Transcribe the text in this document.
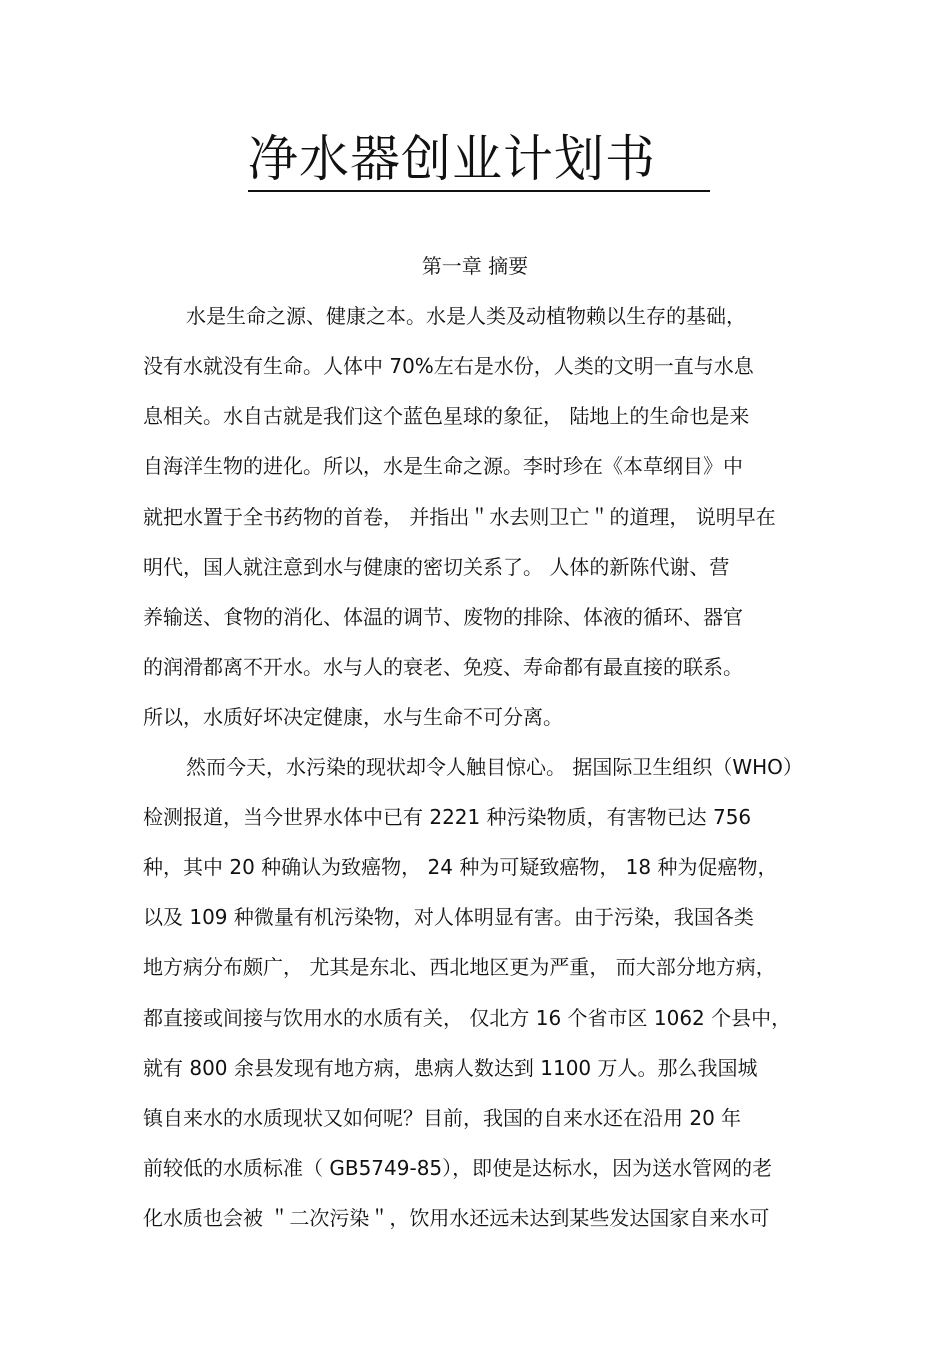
净水器创业计划书
第一章 摘要
水是生命之源、健康之本。水是人类及动植物赖以生存的基础，
没有水就没有生命。人体中 70%左右是水份，人类的文明一直与水息
息相关。水自古就是我们这个蓝色星球的象征， 陆地上的生命也是来
自海洋生物的进化。所以，水是生命之源。李时珍在《本草纲目》中
就把水置于全书药物的首卷， 并指出＂水去则卫亡＂的道理， 说明早在
明代，国人就注意到水与健康的密切关系了。 人体的新陈代谢、营
养输送、食物的消化、体温的调节、废物的排除、体液的循环、器官
的润滑都离不开水。水与人的衰老、免疫、寿命都有最直接的联系。
所以，水质好坏决定健康，水与生命不可分离。
然而今天，水污染的现状却令人触目惊心。 据国际卫生组织（WHO）
检测报道，当今世界水体中已有 2221 种污染物质，有害物已达 756
种，其中 20 种确认为致癌物， 24 种为可疑致癌物， 18 种为促癌物，
以及 109 种微量有机污染物，对人体明显有害。由于污染，我国各类
地方病分布颇广， 尤其是东北、西北地区更为严重， 而大部分地方病，
都直接或间接与饮用水的水质有关， 仅北方 16 个省市区 1062 个县中，
就有 800 余县发现有地方病，患病人数达到 1100 万人。那么我国城
镇自来水的水质现状又如何呢？目前，我国的自来水还在沿用 20 年
前较低的水质标准（ GB5749-85），即使是达标水，因为送水管网的老
化水质也会被 ＂二次污染＂，饮用水还远未达到某些发达国家自来水可
